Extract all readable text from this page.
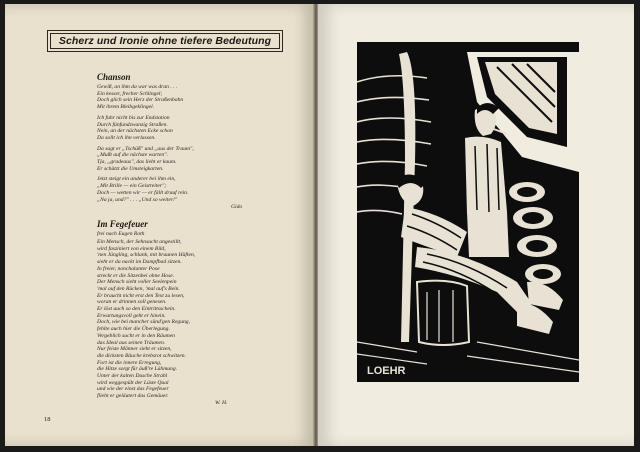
Scherz und Ironie ohne tiefere Bedeutung
Chanson
Gewiß, an ihm da war was dran . . .
Ein kesser, frecher Schlingel;
Doch glich sein Herz der Straßenbahn
Mit ihrem Bleibgeklingel.
Ich fuhr nicht bis zur Endstation
Durch fünfundzwanzig Straßen.
Nein, an der nächsten Ecke schon
Da sollt ich ihn verlassen.
Da sagt er „Tschüß" und „aus der Traum",
„Mußt auf die nächste warten".
Tja, „gradeaus", das liebt er kaum.
Er schätzt die Umsteigkarten.
Jetzt steigt ein anderer bei ihm ein,
„Mit Brille — ein Geistreiter";
Doch — wetten wir — er fällt drauf rein.
„Na ja, und?" . . . „Und so weiter!"
Gido
Im Fegefeuer
frei nach Eugen Roth
Ein Mensch, der Sehnsucht angestillt,
wird fasziniert von einem Bild,
'nen Jüngling, schlank, mit braunen Hüften,
sieht er da nackt im Dampfbad sitzen.
In freier, nonchalanter Pose
streckt er die Sitzenbei ohne Hose.
Der Mensch sieht voller Seelenpein
'mal auf den Rücken, 'mal auf's Bein.
Er braucht nicht erst den Text zu lesen,
woran er drinnen soll genesen.
Er löst auch so den Eintrittsschein.
Erwartungsvoll geht er hinein.
Doch, wie bei mancher sünd'gen Regung,
fehlte auch hier die Überlegung.
Vergeblich sucht er in den Räumen
das Ideal aus seinen Träumen.
Nur feiste Männer sieht er sitzen,
die dicksten Bäuche krebsrot schwitzen.
Fort ist die innere Erregung,
die Hitze sorgt für äuß're Lähmung.
Unter der kalten Dusche Strahl
wird weggespült der Lüste Qual
und wie der einst das Fegefeuer
flieht er geläutert das Gemäuer.
W. H.
18
LOEHR
